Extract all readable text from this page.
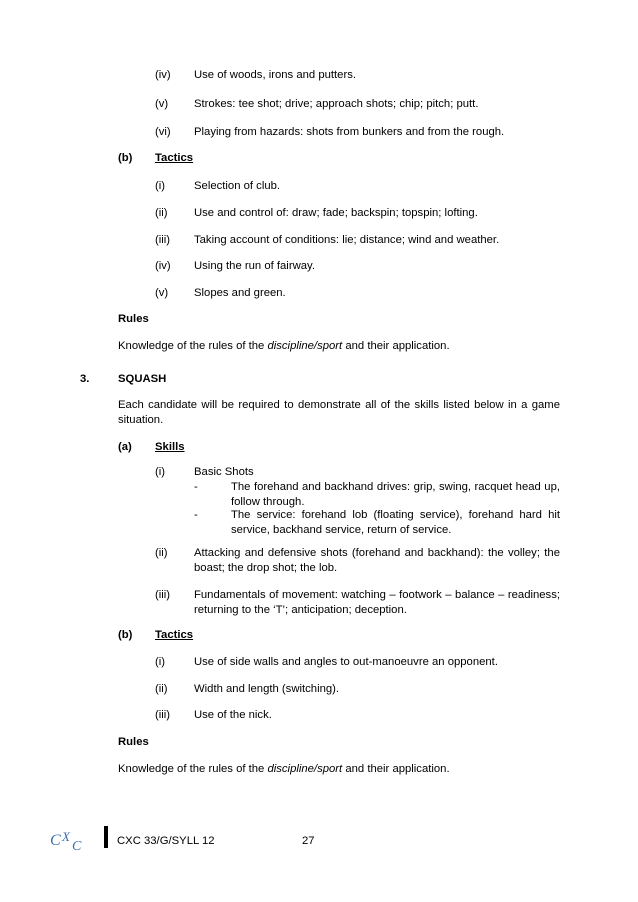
(iv) Use of woods, irons and putters.
(v) Strokes: tee shot; drive; approach shots; chip; pitch; putt.
(vi) Playing from hazards: shots from bunkers and from the rough.
(b) Tactics
(i)	Selection of club.
(ii) Use and control of: draw; fade; backspin; topspin; lofting.
(iii) Taking account of conditions: lie; distance; wind and weather.
(iv) Using the run of fairway.
(v) Slopes and green.
Rules
Knowledge of the rules of the discipline/sport and their application.
3.	SQUASH
Each candidate will be required to demonstrate all of the skills listed below in a game situation.
(a) Skills
(i)	Basic Shots
-	The forehand and backhand drives: grip, swing, racquet head up, follow through.
-	The service: forehand lob (floating service), forehand hard hit service, backhand service, return of service.
(ii) Attacking and defensive shots (forehand and backhand): the volley; the boast; the drop shot; the lob.
(iii) Fundamentals of movement: watching – footwork – balance – readiness; returning to the ‘T’; anticipation; deception.
(b) Tactics
(i)	Use of side walls and angles to out-manoeuvre an opponent.
(ii) Width and length (switching).
(iii) Use of the nick.
Rules
Knowledge of the rules of the discipline/sport and their application.
C X
C	CXC 33/G/SYLL 12	27
